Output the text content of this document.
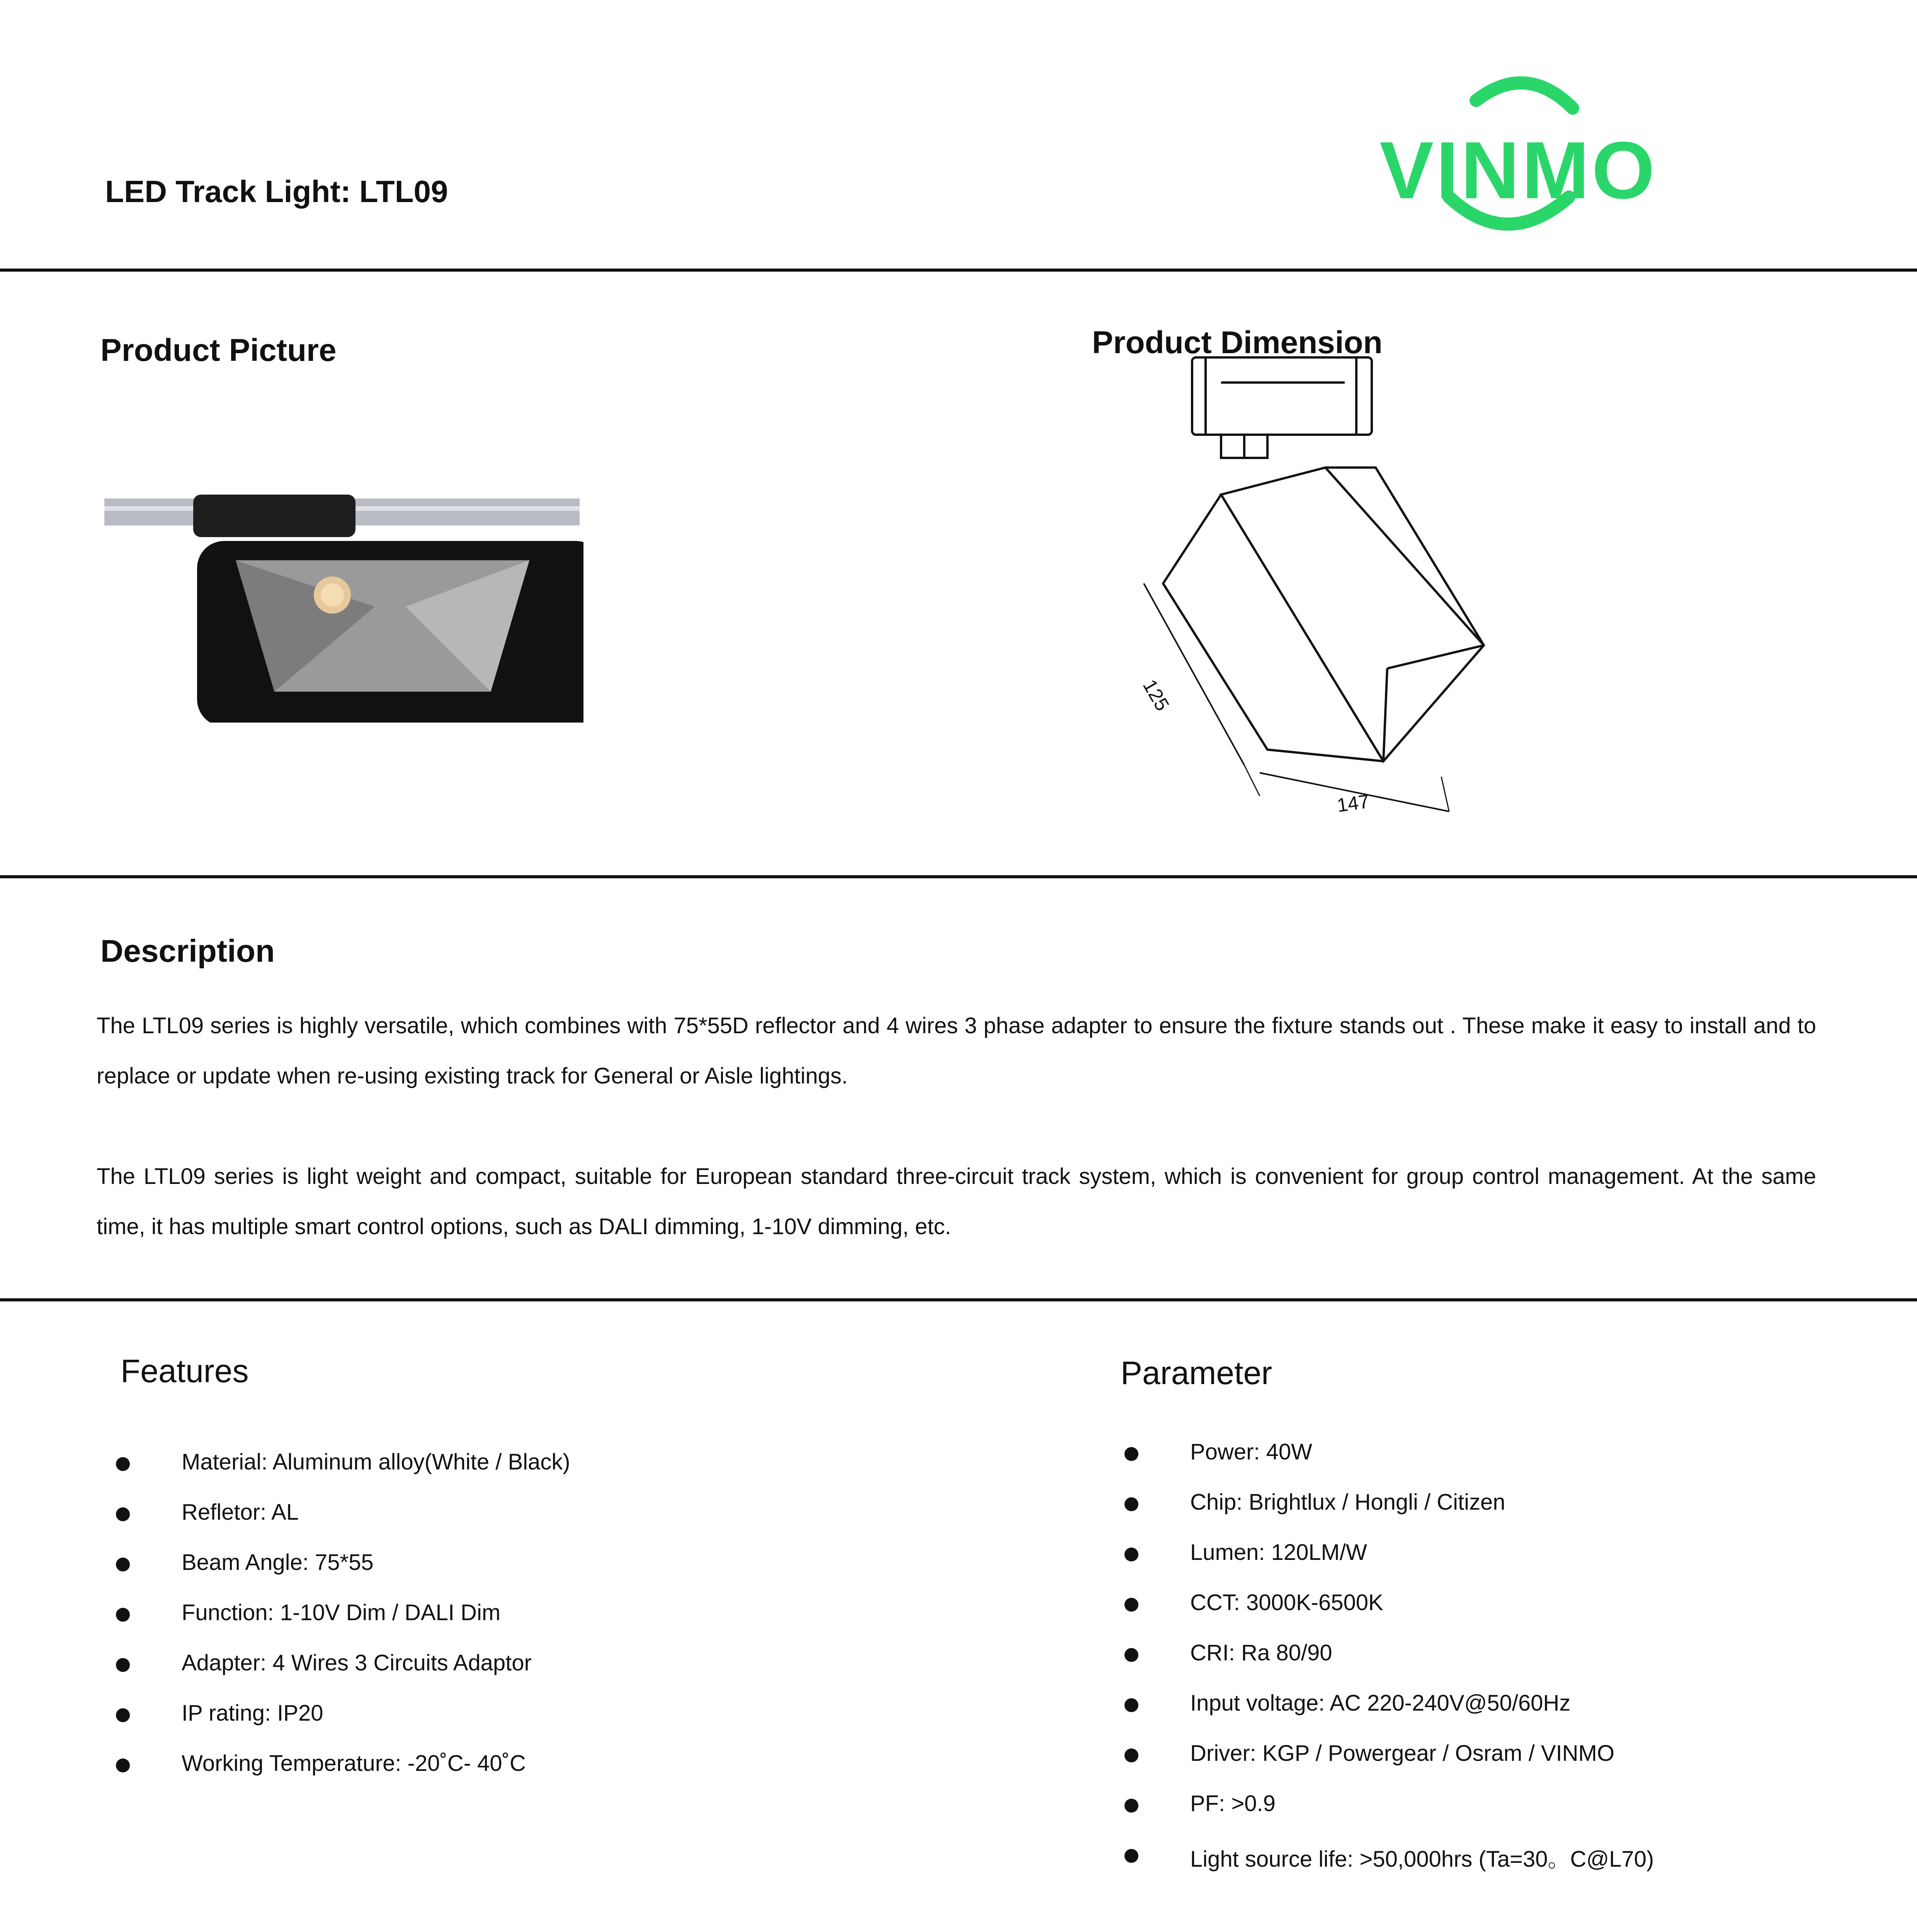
LED Track Light: LTL09	VINMO
Product Picture	Product Dimension
125
147
Description
The LTL09 series is highly versatile, which combines with 75*55D reflector and 4 wires 3 phase adapter to ensure the fixture stands out . These make it easy to install and to replace or update when re-using existing track for General or Aisle lightings.
The LTL09 series is light weight and compact, suitable for European standard three-circuit track system, which is convenient for group control management. At the same time, it has multiple smart control options, such as DALI dimming, 1-10V dimming, etc.
Features
Material: Aluminum alloy(White / Black)
Refletor: AL
Beam Angle: 75*55
Function: 1-10V Dim / DALI Dim
Adapter: 4 Wires 3 Circuits Adaptor
IP rating: IP20
Working Temperature: -20˚C- 40˚C
Parameter
Power: 40W
Chip: Brightlux / Hongli / Citizen
Lumen: 120LM/W
CCT: 3000K-6500K
CRI: Ra 80/90
Input voltage: AC 220-240V@50/60Hz
Driver: KGP / Powergear / Osram / VINMO
PF: >0.9
Light source life: >50,000hrs (Ta=30。C@L70)
